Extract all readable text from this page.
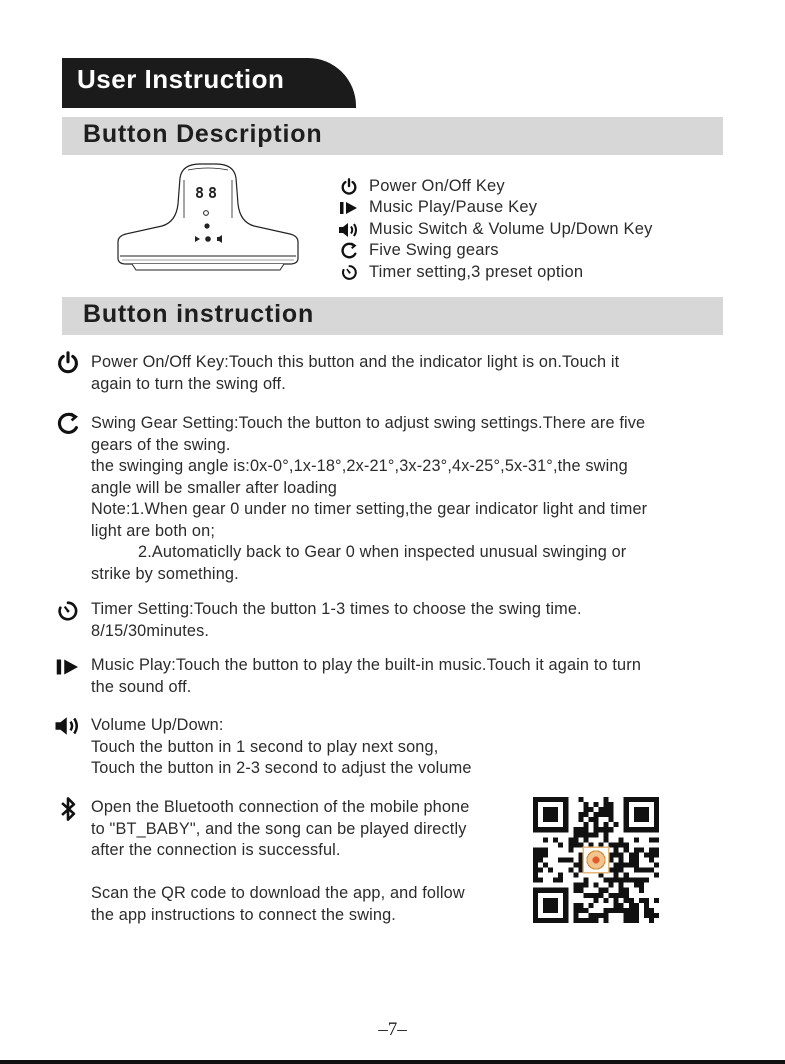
User Instruction
Button Description
88	Power On/Off Key
Music Play/Pause Key
Music Switch & Volume Up/Down Key
Five Swing gears
Timer setting,3 preset option
Button instruction

Power On/Off Key:Touch this button and the indicator light is on.Touch it

again to turn the swing off.

Swing Gear Setting:Touch the button to adjust swing settings.There are five

gears of the swing.

the swinging angle is:0x-0°,1x-18°,2x-21°,3x-23°,4x-25°,5x-31°,the swing

angle will be smaller after loading

Note:1.When gear 0 under no timer setting,the gear indicator light and timer

light are both on;

2.Automaticlly back to Gear 0 when inspected unusual swinging or

strike by something.

Timer Setting:Touch the button 1-3 times to choose the swing time.

8/15/30minutes.

Music Play:Touch the button to play the built-in music.Touch it again to turn

the sound off.

Volume Up/Down:

Touch the button in 1 second to play next song,

Touch the button in 2-3 second to adjust the volume

Open the Bluetooth connection of the mobile phone

to "BT_BABY", and the song can be played directly

after the connection is successful.

Scan the QR code to download the app, and follow

the app instructions to connect the swing.

–7–
